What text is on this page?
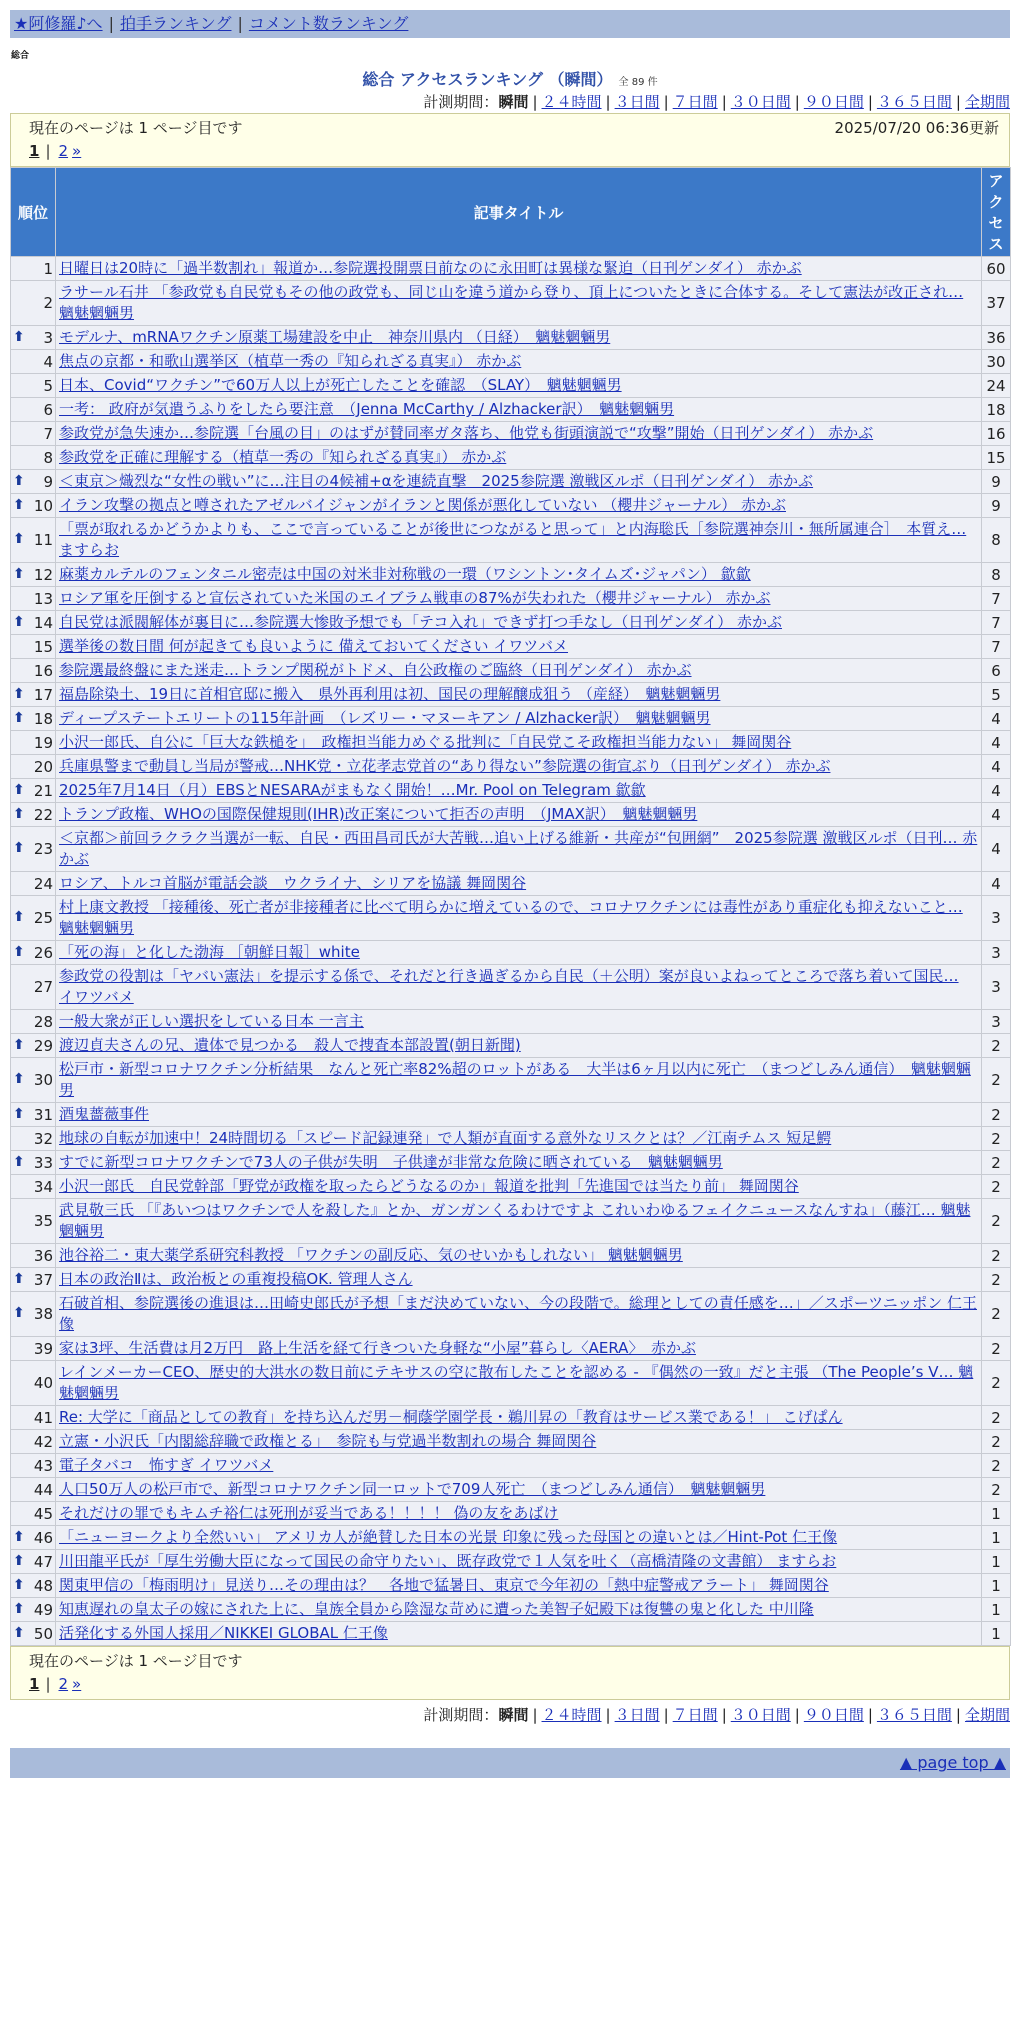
★阿修羅♪へ | 拍手ランキング | コメント数ランキング
総合
総合 アクセスランキング （瞬間） 全 89 件
計測期間：瞬間 | ２４時間 | ３日間 | ７日間 | ３０日間 | ９０日間 | ３６５日間 | 全期間
現在のページは 1 ページ目です	2025/07/20 06:36更新
1 | 2 »
順位	記事タイトル	アクセス
1	日曜日は20時に「過半数割れ」報道か…参院選投開票日前なのに永田町は異様な緊迫（日刊ゲンダイ） 赤かぶ	60
2	ラサール石井 「参政党も自民党もその他の政党も、同じ山を違う道から登り、頂上についたときに合体する。そして憲法が改正され… 魑魅魍魎男	37

⬆ 3	モデルナ、mRNAワクチン原薬工場建設を中止　神奈川県内 （日経）　魑魅魍魎男	36
4	焦点の京都・和歌山選挙区（植草一秀の『知られざる真実』） 赤かぶ	30
5	日本、Covid“ワクチン”で60万人以上が死亡したことを確認　（SLAY）　魑魅魍魎男	24
6	一考： 政府が気遣うふりをしたら要注意　（Jenna McCarthy / Alzhacker訳）　魑魅魍魎男	18
7	参政党が急失速か…参院選「台風の目」のはずが賛同率ガタ落ち、他党も街頭演説で“攻撃”開始（日刊ゲンダイ） 赤かぶ	16
8	参政党を正確に理解する（植草一秀の『知られざる真実』） 赤かぶ	15

⬆ 9	＜東京＞熾烈な“女性の戦い”に…注目の4候補+αを連続直撃　2025参院選 激戦区ルポ（日刊ゲンダイ） 赤かぶ	9

⬆ 10	イラン攻撃の拠点と噂されたアゼルバイジャンがイランと関係が悪化していない （櫻井ジャーナル） 赤かぶ	9

⬆ 11	「票が取れるかどうかよりも、ここで言っていることが後世につながると思って」と内海聡氏［参院選神奈川・無所属連合］　本質え… ますらお	8

⬆ 12	麻薬カルテルのフェンタニル密売は中国の対米非対称戦の一環（ワシントン･タイムズ･ジャパン） 歙歙	8
13	ロシア軍を圧倒すると宣伝されていた米国のエイブラム戦車の87%が失われた（櫻井ジャーナル） 赤かぶ	7

⬆ 14	自民党は派閥解体が裏目に…参院選大惨敗予想でも「テコ入れ」できず打つ手なし（日刊ゲンダイ） 赤かぶ	7
15	選挙後の数日間 何が起きても良いように 備えておいてください イワツバメ	7
16	参院選最終盤にまた迷走…トランプ関税がトドメ、自公政権のご臨終（日刊ゲンダイ） 赤かぶ	6

⬆ 17	福島除染土、19日に首相官邸に搬入　県外再利用は初、国民の理解醸成狙う （産経）　魑魅魍魎男	5

⬆ 18	ディープステートエリートの115年計画　（レズリー・マヌーキアン / Alzhacker訳）　魑魅魍魎男	4
19	小沢一郎氏、自公に「巨大な鉄槌を」　政権担当能力めぐる批判に「自民党こそ政権担当能力ない」 舞岡関谷	4
20	兵庫県警まで動員し当局が警戒…NHK党・立花孝志党首の“あり得ない”参院選の街宣ぶり（日刊ゲンダイ） 赤かぶ	4

⬆ 21	2025年7月14日（月）EBSとNESARAがまもなく開始！…Mr. Pool on Telegram 歙歙	4

⬆ 22	トランプ政権、WHOの国際保健規則(IHR)改正案について拒否の声明　（JMAX訳）　魑魅魍魎男	4

⬆ 23	＜京都＞前回ラクラク当選が一転、自民・西田昌司氏が大苦戦…追い上げる維新・共産が“包囲網”　2025参院選 激戦区ルポ（日刊… 赤かぶ	4
24	ロシア、トルコ首脳が電話会談　ウクライナ、シリアを協議 舞岡関谷	4

⬆ 25	村上康文教授 「接種後、死亡者が非接種者に比べて明らかに増えているので、コロナワクチンには毒性があり重症化も抑えないこと… 魑魅魍魎男	3

⬆ 26	「死の海」と化した渤海 ［朝鮮日報］white	3
27	参政党の役割は「ヤバい憲法」を提示する係で、それだと行き過ぎるから自民（＋公明）案が良いよねってところで落ち着いて国民… イワツバメ	3
28	一般大衆が正しい選択をしている日本 一言主	3

⬆ 29	渡辺貞夫さんの兄、遺体で見つかる　殺人で捜査本部設置(朝日新聞)	2

⬆ 30	松戸市・新型コロナワクチン分析結果　なんと死亡率82%超のロットがある　大半は6ヶ月以内に死亡　（まつどしみん通信）　魑魅魍魎男	2

⬆ 31	酒鬼薔薇事件	2
32	地球の自転が加速中！24時間切る「スピード記録連発」で人類が直面する意外なリスクとは？／江南チムス 短足鰐	2

⬆ 33	すでに新型コロナワクチンで73人の子供が失明　子供達が非常な危険に晒されている　魑魅魍魎男	2
34	小沢一郎氏　自民党幹部「野党が政権を取ったらどうなるのか」報道を批判「先進国では当たり前」 舞岡関谷	2
35	武見敬三氏 「『あいつはワクチンで人を殺した』とか、ガンガンくるわけですよ これいわゆるフェイクニュースなんすね」（藤江… 魑魅魍魎男	2
36	池谷裕二・東大薬学系研究科教授 「ワクチンの副反応、気のせいかもしれない」 魑魅魍魎男	2

⬆ 37	日本の政治Ⅱは、政治板との重複投稿OK. 管理人さん	2

⬆ 38	石破首相、参院選後の進退は…田崎史郎氏が予想「まだ決めていない、今の段階で。総理としての責任感を…」／スポーツニッポン 仁王像	2
39	家は3坪、生活費は月2万円　路上生活を経て行きついた身軽な“小屋”暮らし〈AERA〉　赤かぶ	2
40	レインメーカーCEO、歴史的大洪水の数日前にテキサスの空に散布したことを認める - 『偶然の一致』だと主張 （The People’s V… 魑魅魍魎男	2
41	Re: 大学に「商品としての教育」を持ち込んだ男－桐蔭学園学長・鵜川昇の「教育はサービス業である！」 こげぱん	2
42	立憲・小沢氏「内閣総辞職で政権とる」　参院も与党過半数割れの場合 舞岡関谷	2
43	電子タバコ　怖すぎ イワツバメ	2
44	人口50万人の松戸市で、新型コロナワクチン同一ロットで709人死亡　（まつどしみん通信）　魑魅魍魎男	2
45	それだけの罪でもキムチ裕仁は死刑が妥当である！！！！ 偽の友をあばけ	1

⬆ 46	「ニューヨークより全然いい」 アメリカ人が絶賛した日本の光景 印象に残った母国との違いとは／Hint-Pot 仁王像	1

⬆ 47	川田龍平氏が「厚生労働大臣になって国民の命守りたい」、既存政党で１人気を吐く（高橋清隆の文書館） ますらお	1

⬆ 48	関東甲信の「梅雨明け」見送り…その理由は？　各地で猛暑日、東京で今年初の「熱中症警戒アラート」 舞岡関谷	1

⬆ 49	知恵遅れの皇太子の嫁にされた上に、皇族全員から陰湿な苛めに遭った美智子妃殿下は復讐の鬼と化した 中川隆	1

⬆ 50	活発化する外国人採用／NIKKEI GLOBAL 仁王像	1
現在のページは 1 ページ目です
1 | 2 »
計測期間：瞬間 | ２４時間 | ３日間 | ７日間 | ３０日間 | ９０日間 | ３６５日間 | 全期間
▲ page top ▲
